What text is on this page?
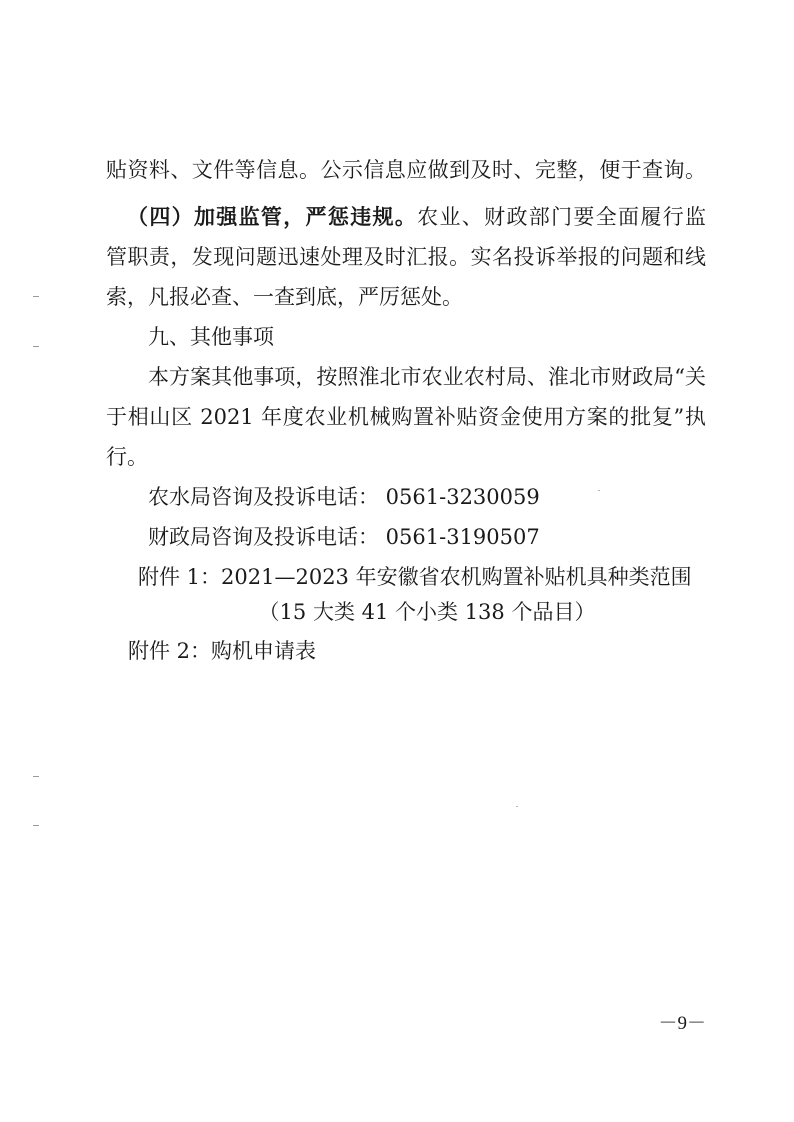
贴资料、文件等信息。公示信息应做到及时、完整，便于查询。
（四）加强监管，严惩违规。农业、财政部门要全面履行监
管职责，发现问题迅速处理及时汇报。实名投诉举报的问题和线
索，凡报必查、一查到底，严厉惩处。
九、其他事项
本方案其他事项，按照淮北市农业农村局、淮北市财政局“关
于相山区 2021 年度农业机械购置补贴资金使用方案的批复”执
行。
农水局咨询及投诉电话： 0561-3230059
财政局咨询及投诉电话： 0561-3190507
附件 1：2021—2023 年安徽省农机购置补贴机具种类范围
（15 大类 41 个小类 138 个品目）
附件 2：购机申请表
－9－
